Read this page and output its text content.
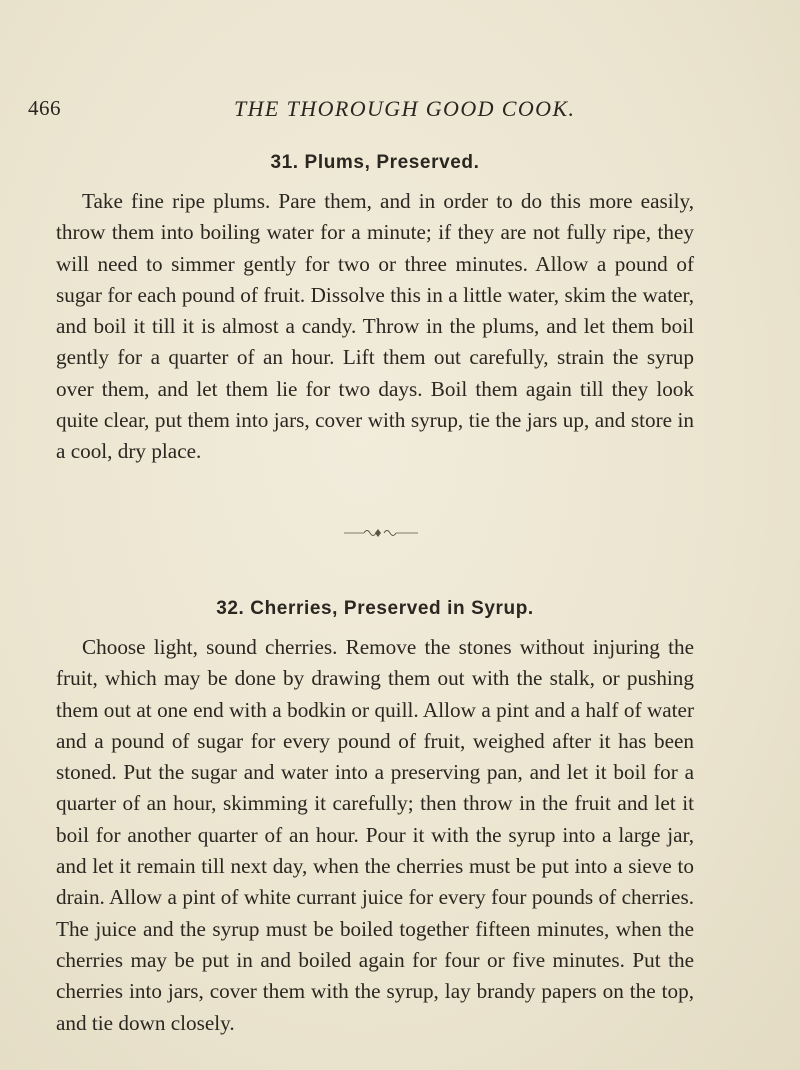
466	THE THOROUGH GOOD COOK.
31. Plums, Preserved.

Take fine ripe plums. Pare them, and in order to do this more easily, throw them into boiling water for a minute; if they are not fully ripe, they will need to simmer gently for two or three minutes. Allow a pound of sugar for each pound of fruit. Dissolve this in a little water, skim the water, and boil it till it is almost a candy. Throw in the plums, and let them boil gently for a quarter of an hour. Lift them out carefully, strain the syrup over them, and let them lie for two days. Boil them again till they look quite clear, put them into jars, cover with syrup, tie the jars up, and store in a cool, dry place.

32. Cherries, Preserved in Syrup.

Choose light, sound cherries. Remove the stones without injuring the fruit, which may be done by drawing them out with the stalk, or pushing them out at one end with a bodkin or quill. Allow a pint and a half of water and a pound of sugar for every pound of fruit, weighed after it has been stoned. Put the sugar and water into a preserving pan, and let it boil for a quarter of an hour, skimming it carefully; then throw in the fruit and let it boil for another quarter of an hour. Pour it with the syrup into a large jar, and let it remain till next day, when the cherries must be put into a sieve to drain. Allow a pint of white currant juice for every four pounds of cherries. The juice and the syrup must be boiled together fifteen minutes, when the cherries may be put in and boiled again for four or five minutes. Put the cherries into jars, cover them with the syrup, lay brandy papers on the top, and tie down closely.
